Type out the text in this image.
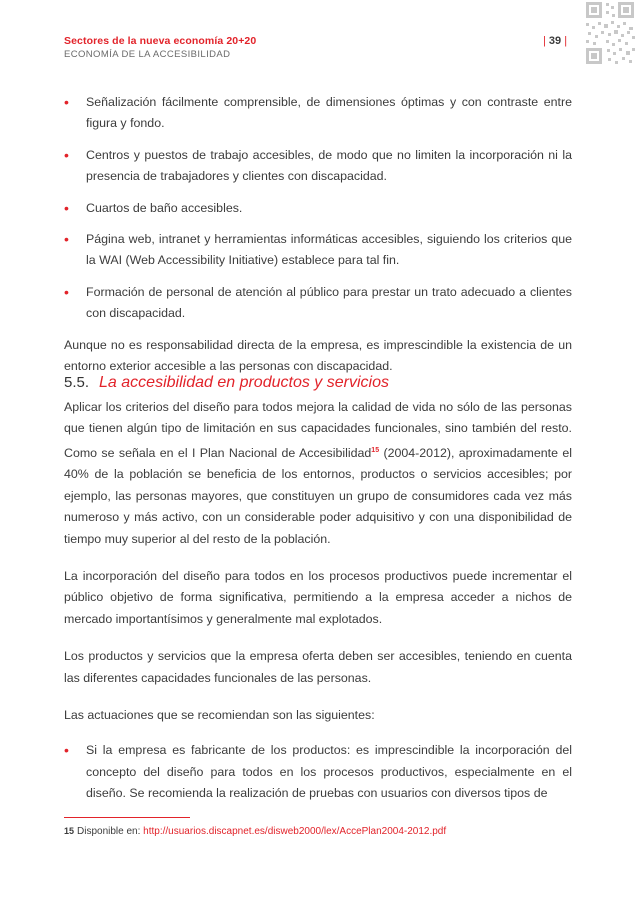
Sectores de la nueva economía 20+20
ECONOMÍA DE LA ACCESIBILIDAD
| 39 |
• Señalización fácilmente comprensible, de dimensiones óptimas y con contraste entre figura y fondo.
• Centros y puestos de trabajo accesibles, de modo que no limiten la incorporación ni la presencia de trabajadores y clientes con discapacidad.
• Cuartos de baño accesibles.
• Página web, intranet y herramientas informáticas accesibles, siguiendo los criterios que la WAI (Web Accessibility Initiative) establece para tal fin.
• Formación de personal de atención al público para prestar un trato adecuado a clientes con discapacidad.

Aunque no es responsabilidad directa de la empresa, es imprescindible la existencia de un entorno exterior accesible a las personas con discapacidad.

5.5. La accesibilidad en productos y servicios

Aplicar los criterios del diseño para todos mejora la calidad de vida no sólo de las personas que tienen algún tipo de limitación en sus capacidades funcionales, sino también del resto. Como se señala en el I Plan Nacional de Accesibilidad$^{15}$ (2004-2012), aproximadamente el 40% de la población se beneficia de los entornos, productos o servicios accesibles; por ejemplo, las personas mayores, que constituyen un grupo de consumidores cada vez más numeroso y más activo, con un considerable poder adquisitivo y con una disponibilidad de tiempo muy superior al del resto de la población.

La incorporación del diseño para todos en los procesos productivos puede incrementar el público objetivo de forma significativa, permitiendo a la empresa acceder a nichos de mercado importantísimos y generalmente mal explotados.

Los productos y servicios que la empresa oferta deben ser accesibles, teniendo en cuenta las diferentes capacidades funcionales de las personas.

Las actuaciones que se recomiendan son las siguientes:

• Si la empresa es fabricante de los productos: es imprescindible la incorporación del concepto del diseño para todos en los procesos productivos, especialmente en el diseño. Se recomienda la realización de pruebas con usuarios con diversos tipos de
15 Disponible en: http://usuarios.discapnet.es/disweb2000/lex/AccePlan2004-2012.pdf
